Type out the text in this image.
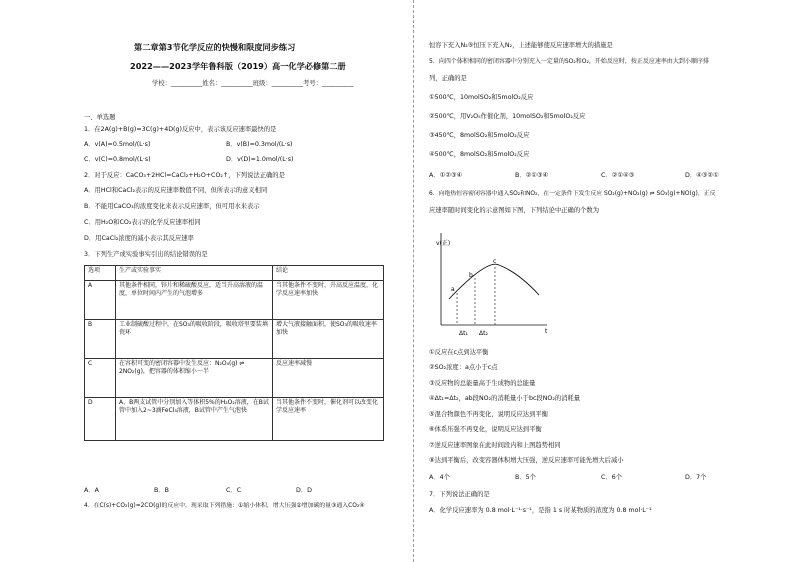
第二章第3节化学反应的快慢和限度同步练习
2022——2023学年鲁科版（2019）高一化学必修第二册
学校：__________姓名：__________班级：__________考号：__________
一、单选题
1．在2A(g)+B(g)=3C(g)+4D(g)反应中，表示该反应速率最快的是
A．v(A)=0.5mol/(L·s)	B．v(B)=0.3mol/(L·s)
C．v(C)=0.8mol/(L·s)	D．v(D)=1.0mol/(L·s)
2．对于反应：CaCO₃+2HCl=CaCl₂+H₂O+CO₂↑，下列说法正确的是
A．用HCl和CaCl₂表示的反应速率数值不同，但所表示的意义相同
B．不能用CaCO₃的浓度变化来表示反应速率，但可用水来表示
C．用H₂O和CO₂表示的化学反应速率相同
D．用CaCl₂浓度的减小表示其反应速率
3．下列生产或实验事实引出的结论错误的是
选项	生产或实验事实	结论
A	其他条件相同，锌片和稀硫酸反应，适当升高溶液的温度，单位时间内产生的气泡增多	当其他条件不变时，升高反应温度，化学反应速率加快
B	工业制硫酸过程中，在SO₃的吸收阶段，吸收塔里要装填瓷环	增大气液接触面积，使SO₃的吸收速率加快
C	在容积可变的密闭容器中发生反应：N₂O₄(g) ⇌ 2NO₂(g)，把容器的体积缩小一半	反应速率减慢
D	A、B两支试管中分别加入等体积5%的H₂O₂溶液，在B试管中加入2~3滴FeCl₃溶液，B试管中产生气泡快	当其他条件不变时，催化剂可以改变化学反应速率
A．A	B．B	C．C	D．D
4．在C(s)+CO₂(g)=2CO(g)的反应中，现采取下列措施：①缩小体积，增大压强②增加碳的量③通入CO₂④
恒容下充入N₂⑤恒压下充入N₂，上述能够使反应速率增大的措施是
5．向四个体积相同的密闭容器中分别充入一定量的SO₂和O₂，开始反应时，按正反应速率由大到小顺序排
列，正确的是
①500℃，10molSO₂和5molO₂反应
②500℃，用V₂O₅作催化剂，10molSO₂和5molO₂反应
③450℃，8molSO₂和5molO₂反应
④500℃，8molSO₂和5molO₂反应
A．①②③④	B．②①③④	C．②①④③	D．④③②①
6．向绝热恒容密闭容器中通入SO₂和NO₂，在一定条件下发生反应 SO₂(g)+NO₂(g) ⇌ SO₃(g)+NO(g)，正反
应速率随时间变化的示意图如下图，下列结论中正确的个数为
v(正)
t
a
b
c
Δt₁ Δt₂
①反应在c点到达平衡
②SO₂浓度：a点小于c点
③反应物的总能量高于生成物的总能量
④Δt₁=Δt₂，ab段NO₂的消耗量小于bc段NO₂的消耗量
⑤混合物颜色不再变化，说明反应达到平衡
⑥体系压强不再变化，说明反应达到平衡
⑦逆反应速率图象在此时间段内和上图趋势相同
⑧达到平衡后，改变容器体积增大压强，逆反应速率可能先增大后减小
A．4个	B．5个	C．6个	D．7个
7．下列说法正确的是
A．化学反应速率为 0.8 mol·L⁻¹·s⁻¹，是指 1 s 时某物质的浓度为 0.8 mol·L⁻¹
